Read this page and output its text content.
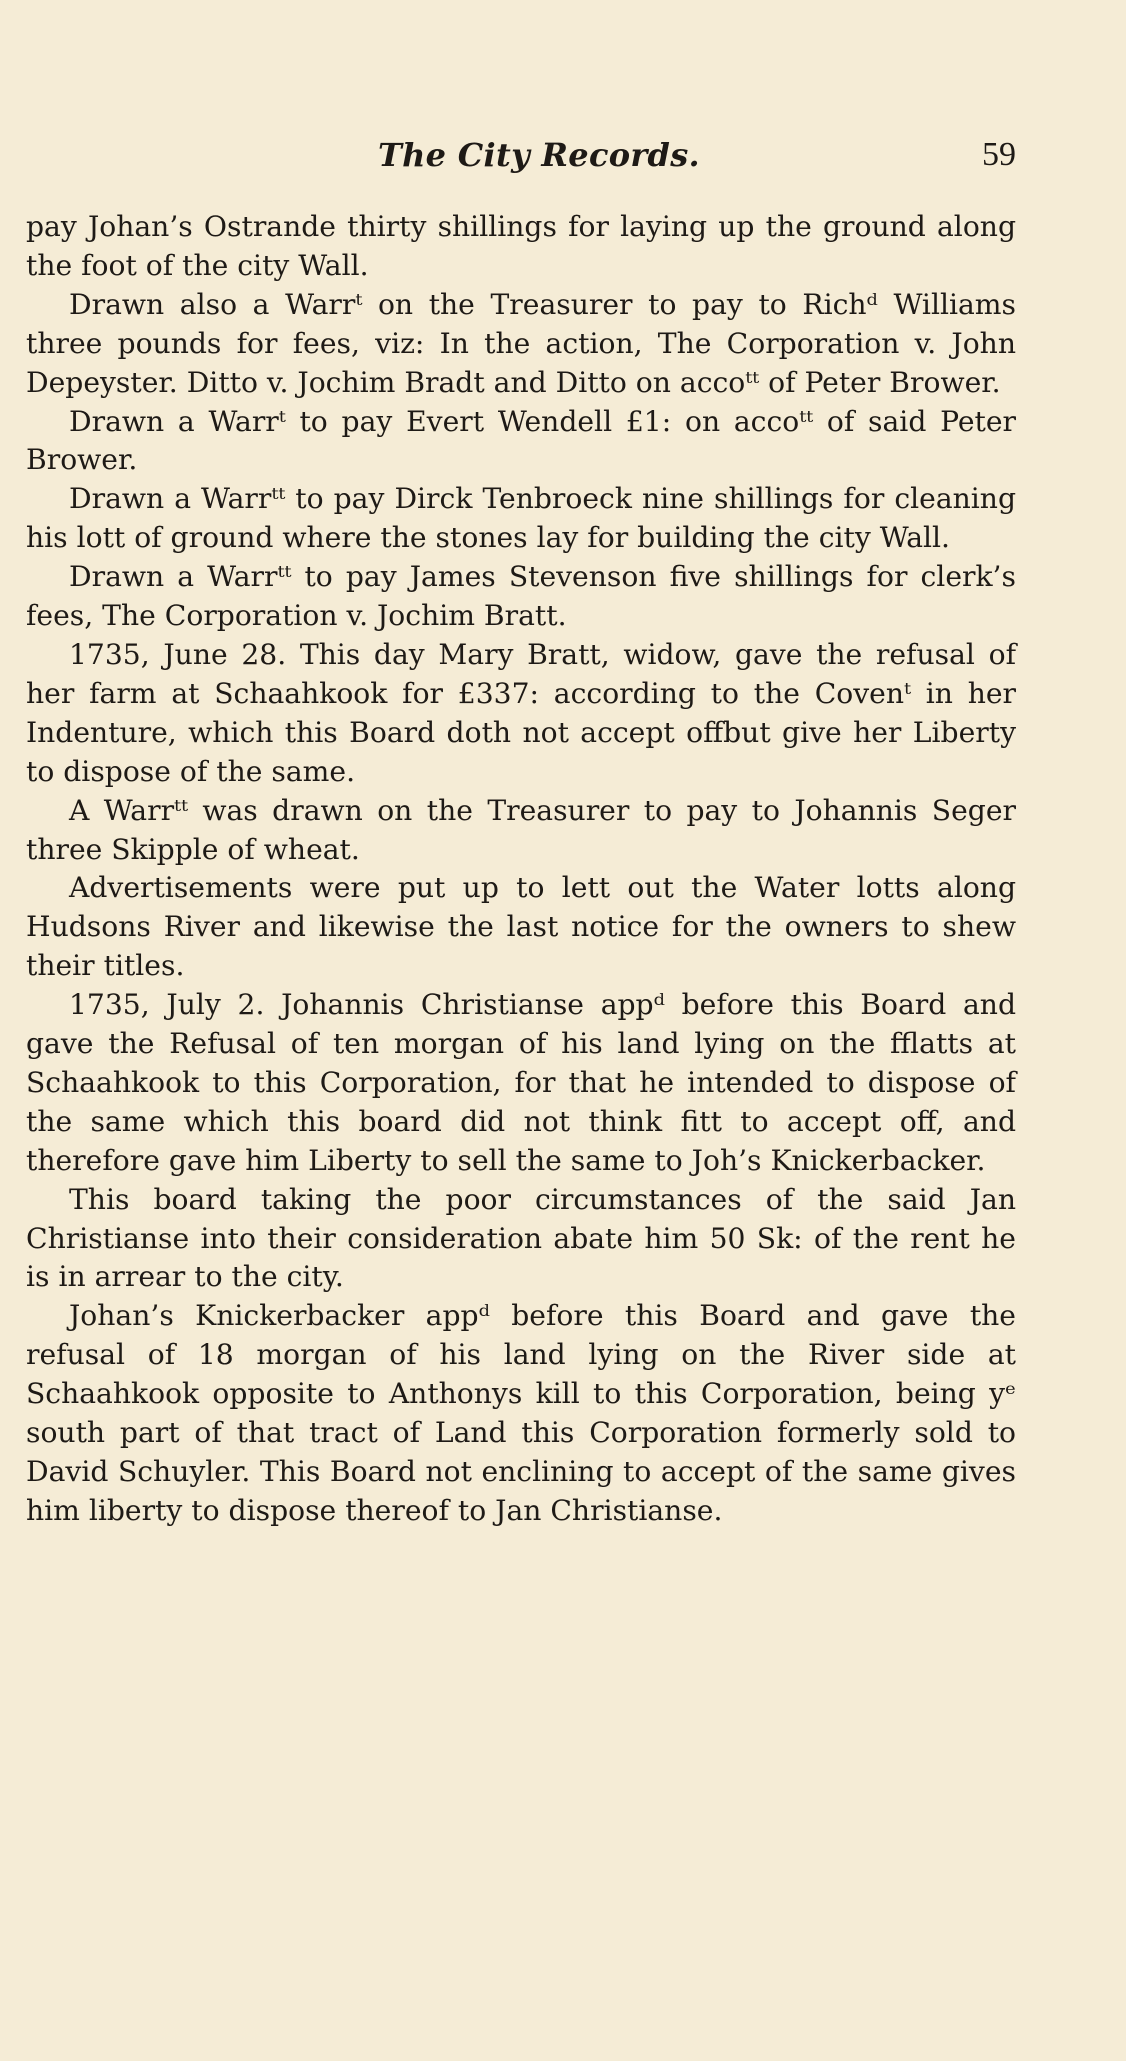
The City Records.	59

pay Johan’s Ostrande thirty shillings for laying up the ground along the foot of the city Wall.

Drawn also a Warrᵗ on the Treasurer to pay to Richᵈ Williams three pounds for fees, viz: In the action, The Corporation v. John Depeyster. Ditto v. Jochim Bradt and Ditto on accoᵗᵗ of Peter Brower.

Drawn a Warrᵗ to pay Evert Wendell £1: on accoᵗᵗ of said Peter Brower.

Drawn a Warrᵗᵗ to pay Dirck Tenbroeck nine shillings for cleaning his lott of ground where the stones lay for building the city Wall.

Drawn a Warrᵗᵗ to pay James Stevenson five shillings for clerk’s fees, The Corporation v. Jochim Bratt.

1735, June 28. This day Mary Bratt, widow, gave the refusal of her farm at Schaahkook for £337: according to the Covenᵗ in her Indenture, which this Board doth not accept offbut give her Liberty to dispose of the same.

A Warrᵗᵗ was drawn on the Treasurer to pay to Johannis Seger three Skipple of wheat.

Advertisements were put up to lett out the Water lotts along Hudsons River and likewise the last notice for the owners to shew their titles.

1735, July 2. Johannis Christianse appᵈ before this Board and gave the Refusal of ten morgan of his land lying on the fflatts at Schaahkook to this Corporation, for that he intended to dispose of the same which this board did not think fitt to accept off, and therefore gave him Liberty to sell the same to Joh’s Knickerbacker.

This board taking the poor circumstances of the said Jan Christianse into their consideration abate him 50 Sk: of the rent he is in arrear to the city.

Johan’s Knickerbacker appᵈ before this Board and gave the refusal of 18 morgan of his land lying on the River side at Schaahkook opposite to Anthonys kill to this Corporation, being yᵉ south part of that tract of Land this Corporation formerly sold to David Schuyler. This Board not enclining to accept of the same gives him liberty to dispose thereof to Jan Christianse.
